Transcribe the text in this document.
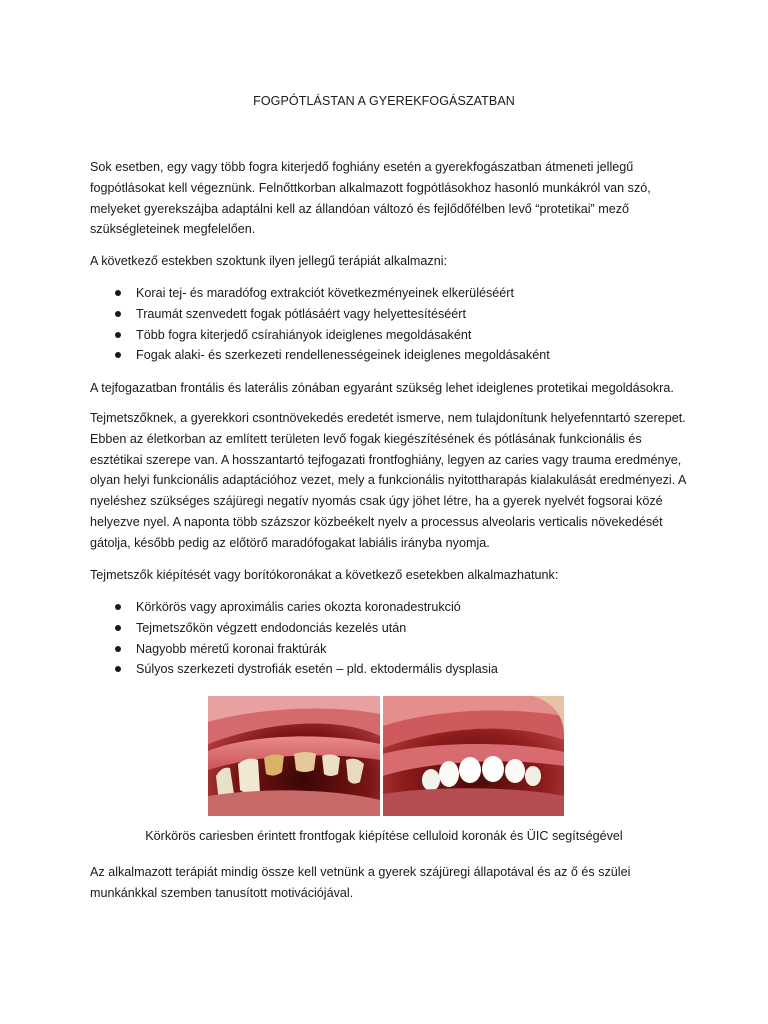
FOGPÓTLÁSTAN A GYEREKFOGÁSZATBAN

Sok esetben, egy vagy több fogra kiterjedő foghiány esetén a gyerekfogászatban átmeneti jellegű fogpótlásokat kell végeznünk. Felnőttkorban alkalmazott fogpótlásokhoz hasonló munkákról van szó, melyeket gyerekszájba adaptálni kell az állandóan változó és fejlődőfélben levő “protetikai” mező szükségleteinek megfelelően.

A következő estekben szoktunk ilyen jellegű terápiát alkalmazni:

Korai tej- és maradófog extrakciót következményeinek elkerüléséért
Traumát szenvedett fogak pótlásáért vagy helyettesítéséért
Több fogra kiterjedő csírahiányok ideiglenes megoldásaként
Fogak alaki- és szerkezeti rendellenességeinek ideiglenes megoldásaként

A tejfogazatban frontális és laterális zónában egyaránt szükség lehet ideiglenes protetikai megoldásokra.

Tejmetszőknek, a gyerekkori csontnövekedés eredetét ismerve, nem tulajdonítunk helyefenntartó szerepet. Ebben az életkorban az említett területen levő fogak kiegészítésének és pótlásának funkcionális és esztétikai szerepe van. A hosszantartó tejfogazati frontfoghiány, legyen az caries vagy trauma eredménye, olyan helyi funkcionális adaptációhoz vezet, mely a funkcionális nyitottharapás kialakulását eredményezi. A nyeléshez szükséges szájüregi negatív nyomás csak úgy jöhet létre, ha a gyerek nyelvét fogsorai közé helyezve nyel. A naponta több százszor közbeékelt nyelv a processus alveolaris verticalis növekedését gátolja, később pedig az előtörő maradófogakat labiális irányba nyomja.

Tejmetszők kiépítését vagy borítókoronákat a következő esetekben alkalmazhatunk:

Körkörös vagy aproximális caries okozta koronadestrukció
Tejmetszőkön végzett endodonciás kezelés után
Nagyobb méretű koronai fraktúrák
Súlyos szerkezeti dystrofiák esetén – pld. ektodermális dysplasia
Körkörös cariesben érintett frontfogak kiépítése celluloid koronák és ÜIC segítségével

Az alkalmazott terápiát mindig össze kell vetnünk a gyerek szájüregi állapotával és az ő és szülei munkánkkal szemben tanusított motivációjával.
